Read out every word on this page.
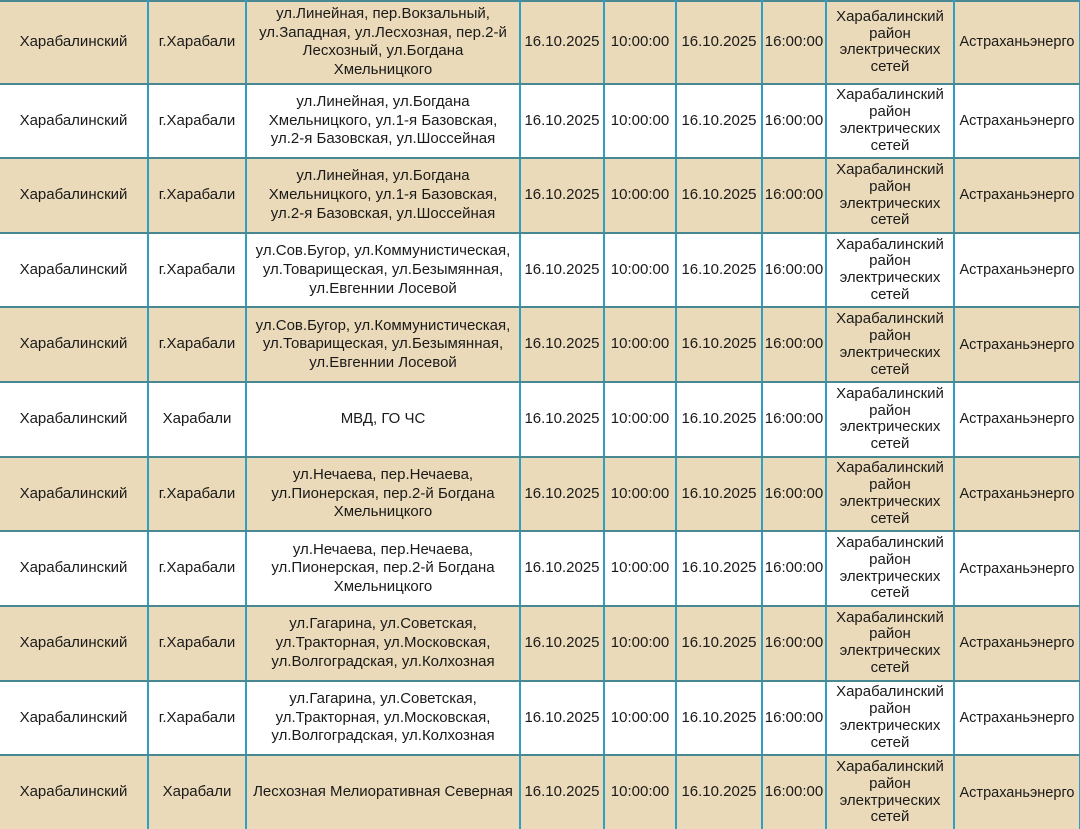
Харабалинский	г.Харабали	ул.Линейная, пер.Вокзальный, ул.Западная, ул.Лесхозная, пер.2-й Лесхозный, ул.Богдана Хмельницкого	16.10.2025	10:00:00	16.10.2025	16:00:00	Харабалинский район электрических сетей	Астраханьэнерго
Харабалинский	г.Харабали	ул.Линейная, ул.Богдана Хмельницкого, ул.1-я Базовская, ул.2-я Базовская, ул.Шоссейная	16.10.2025	10:00:00	16.10.2025	16:00:00	Харабалинский район электрических сетей	Астраханьэнерго
Харабалинский	г.Харабали	ул.Линейная, ул.Богдана Хмельницкого, ул.1-я Базовская, ул.2-я Базовская, ул.Шоссейная	16.10.2025	10:00:00	16.10.2025	16:00:00	Харабалинский район электрических сетей	Астраханьэнерго
Харабалинский	г.Харабали	ул.Сов.Бугор, ул.Коммунистическая, ул.Товарищеская, ул.Безымянная, ул.Евгеннии Лосевой	16.10.2025	10:00:00	16.10.2025	16:00:00	Харабалинский район электрических сетей	Астраханьэнерго
Харабалинский	г.Харабали	ул.Сов.Бугор, ул.Коммунистическая, ул.Товарищеская, ул.Безымянная, ул.Евгеннии Лосевой	16.10.2025	10:00:00	16.10.2025	16:00:00	Харабалинский район электрических сетей	Астраханьэнерго
Харабалинский	Харабали	МВД, ГО ЧС	16.10.2025	10:00:00	16.10.2025	16:00:00	Харабалинский район электрических сетей	Астраханьэнерго
Харабалинский	г.Харабали	ул.Нечаева, пер.Нечаева, ул.Пионерская, пер.2-й Богдана Хмельницкого	16.10.2025	10:00:00	16.10.2025	16:00:00	Харабалинский район электрических сетей	Астраханьэнерго
Харабалинский	г.Харабали	ул.Нечаева, пер.Нечаева, ул.Пионерская, пер.2-й Богдана Хмельницкого	16.10.2025	10:00:00	16.10.2025	16:00:00	Харабалинский район электрических сетей	Астраханьэнерго
Харабалинский	г.Харабали	ул.Гагарина, ул.Советская, ул.Тракторная, ул.Московская, ул.Волгоградская, ул.Колхозная	16.10.2025	10:00:00	16.10.2025	16:00:00	Харабалинский район электрических сетей	Астраханьэнерго
Харабалинский	г.Харабали	ул.Гагарина, ул.Советская, ул.Тракторная, ул.Московская, ул.Волгоградская, ул.Колхозная	16.10.2025	10:00:00	16.10.2025	16:00:00	Харабалинский район электрических сетей	Астраханьэнерго
Харабалинский	Харабали	Лесхозная Мелиоративная Северная	16.10.2025	10:00:00	16.10.2025	16:00:00	Харабалинский район электрических сетей	Астраханьэнерго
